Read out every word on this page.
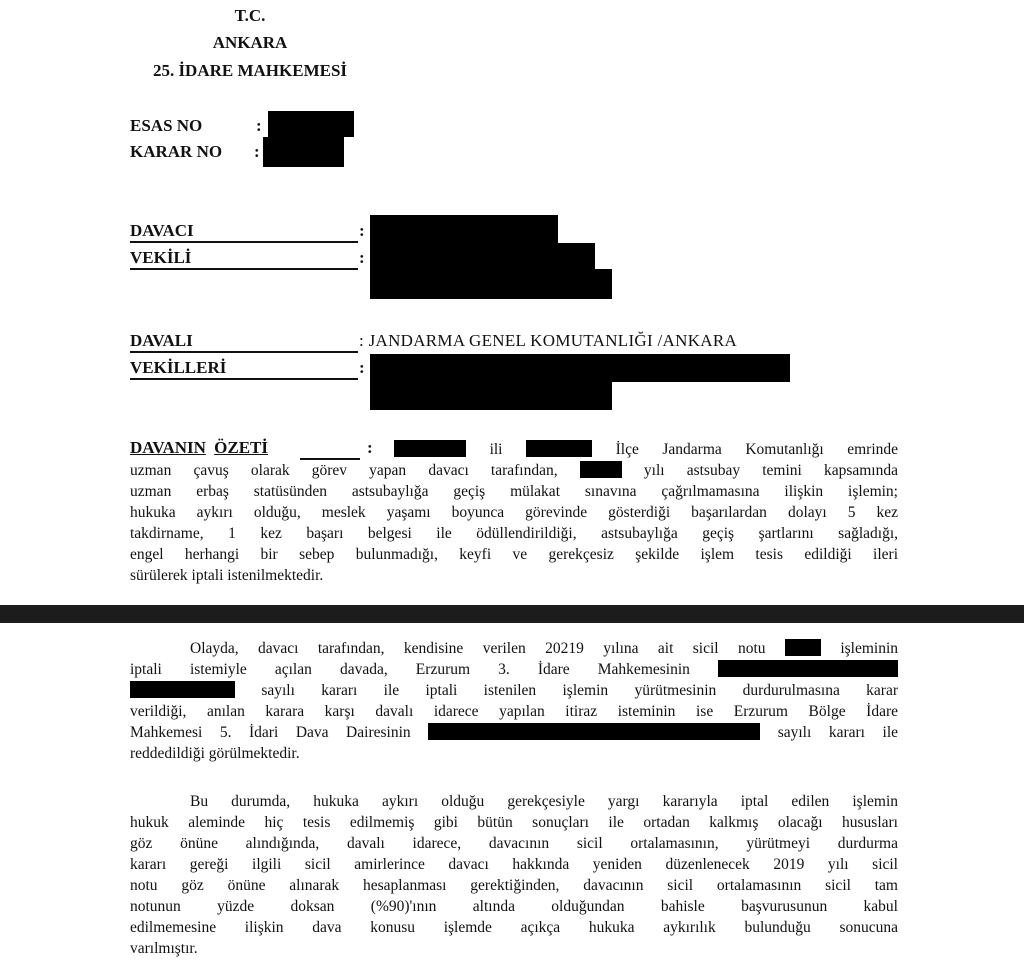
T.C.
ANKARA
25. İDARE MAHKEMESİ
ESAS NO	:
KARAR NO :
DAVACI	:
VEKİLİ	:
DAVALI	: JANDARMA GENEL KOMUTANLIĞI /ANKARA
VEKİLLERİ	:
DAVANIN ÖZETİ	:	ili	İlçe Jandarma Komutanlığı emrinde
uzman çavuş olarak görev yapan davacı tarafından,	yılı astsubay temini kapsamında
uzman erbaş statüsünden astsubaylığa geçiş mülakat sınavına çağrılmamasına ilişkin işlemin;
hukuka aykırı olduğu, meslek yaşamı boyunca görevinde gösterdiği başarılardan dolayı 5 kez
takdirname, 1 kez başarı belgesi ile ödüllendirildiği, astsubaylığa geçiş şartlarını sağladığı,
engel herhangi bir sebep bulunmadığı, keyfi ve gerekçesiz şekilde işlem tesis edildiği ileri
sürülerek iptali istenilmektedir.
Olayda, davacı tarafından, kendisine verilen 20219 yılına ait sicil notu	işleminin
iptali istemiyle açılan davada, Erzurum 3. İdare Mahkemesinin
sayılı kararı ile iptali istenilen işlemin yürütmesinin durdurulmasına karar
verildiği, anılan karara karşı davalı idarece yapılan itiraz isteminin ise Erzurum Bölge İdare
Mahkemesi 5. İdari Dava Dairesinin	sayılı kararı ile
reddedildiği görülmektedir.
Bu durumda, hukuka aykırı olduğu gerekçesiyle yargı kararıyla iptal edilen işlemin
hukuk aleminde hiç tesis edilmemiş gibi bütün sonuçları ile ortadan kalkmış olacağı hususları
göz önüne alındığında, davalı idarece, davacının sicil ortalamasının, yürütmeyi durdurma
kararı gereği ilgili sicil amirlerince davacı hakkında yeniden düzenlenecek 2019 yılı sicil
notu göz önüne alınarak hesaplanması gerektiğinden, davacının sicil ortalamasının sicil tam
notunun yüzde doksan (%90)'ının altında olduğundan bahisle başvurusunun kabul
edilmemesine ilişkin dava konusu işlemde açıkça hukuka aykırılık bulunduğu sonucuna
varılmıştır.
